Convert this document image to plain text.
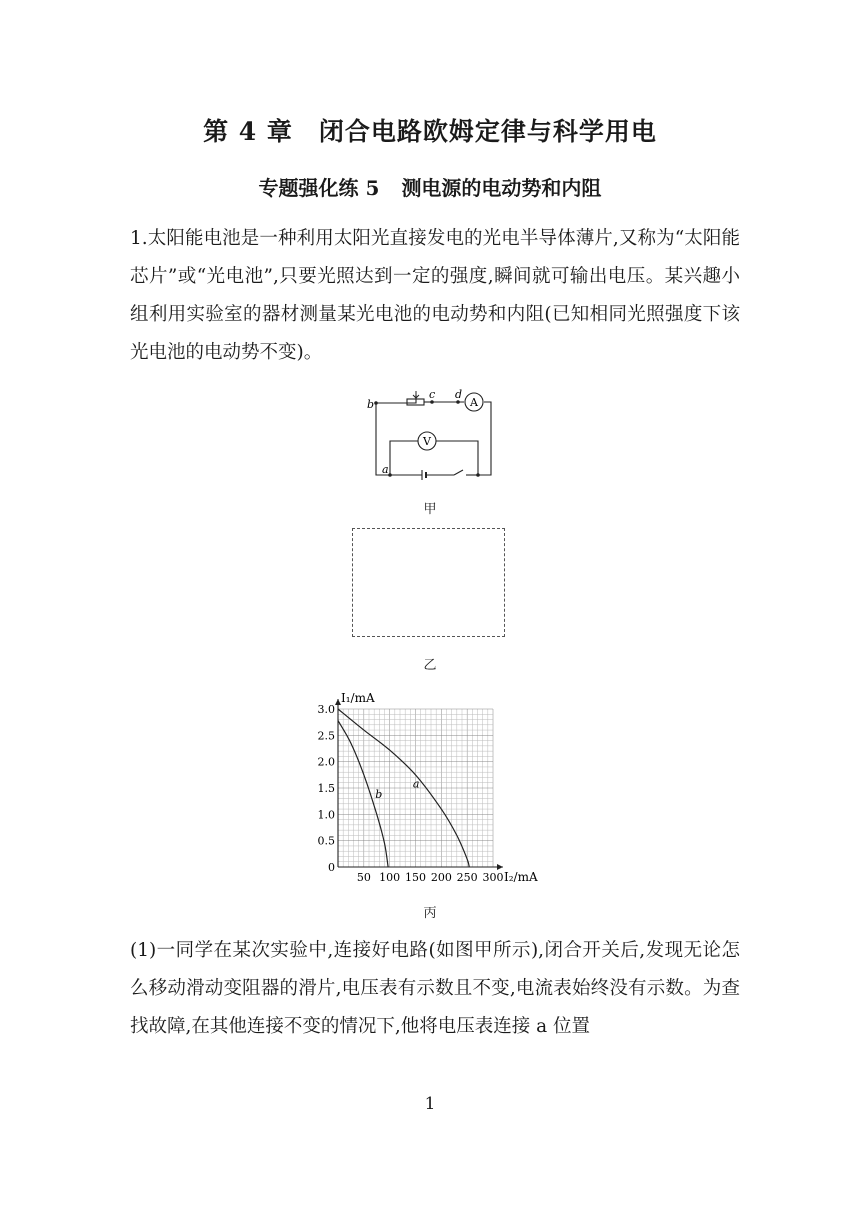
第 4 章 闭合电路欧姆定律与科学用电
专题强化练 5 测电源的电动势和内阻
1.太阳能电池是一种利用太阳光直接发电的光电半导体薄片,又称为“太阳能芯片”或“光电池”,只要光照达到一定的强度,瞬间就可输出电压。某兴趣小组利用实验室的器材测量某光电池的电动势和内阻(已知相同光照强度下该光电池的电动势不变)。
A
V
b
c d
a
甲
乙
a
b
0
0.5
1.0
1.5
2.0
2.5
3.0
50 100 150 200 250 300
I₁/mA
I₂/mA
丙
(1)一同学在某次实验中,连接好电路(如图甲所示),闭合开关后,发现无论怎么移动滑动变阻器的滑片,电压表有示数且不变,电流表始终没有示数。为查找故障,在其他连接不变的情况下,他将电压表连接 a 位置
1
